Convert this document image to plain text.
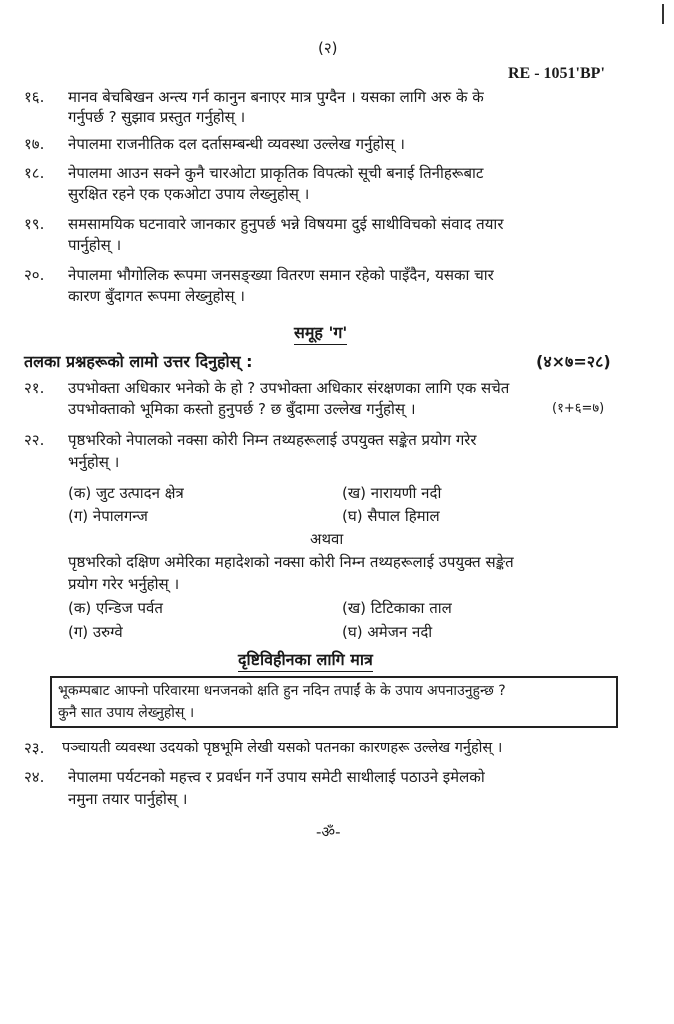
(२)
RE - 1051'BP'
१६. मानव बेचबिखन अन्त्य गर्न कानुन बनाएर मात्र पुग्दैन । यसका लागि अरु के के
गर्नुपर्छ ? सुझाव प्रस्तुत गर्नुहोस् ।
१७. नेपालमा राजनीतिक दल दर्तासम्बन्धी व्यवस्था उल्लेख गर्नुहोस् ।
१८. नेपालमा आउन सक्ने कुनै चारओटा प्राकृतिक विपत्को सूची बनाई तिनीहरूबाट
सुरक्षित रहने एक एकओटा उपाय लेख्नुहोस् ।
१९. समसामयिक घटनावारे जानकार हुनुपर्छ भन्ने विषयमा दुई साथीविचको संवाद तयार
पार्नुहोस् ।
२०. नेपालमा भौगोलिक रूपमा जनसङ्ख्या वितरण समान रहेको पाइँदैन, यसका चार
कारण बुँदागत रूपमा लेख्नुहोस् ।
समूह 'ग'
तलका प्रश्नहरूको लामो उत्तर दिनुहोस् :	(४×७=२८)
२१. उपभोक्ता अधिकार भनेको के हो ? उपभोक्ता अधिकार संरक्षणका लागि एक सचेत
उपभोक्ताको भूमिका कस्तो हुनुपर्छ ? छ बुँदामा उल्लेख गर्नुहोस् ।	(१+६=७)
२२. पृष्ठभरिको नेपालको नक्सा कोरी निम्न तथ्यहरूलाई उपयुक्त सङ्केत प्रयोग गरेर
भर्नुहोस् ।
(क) जुट उत्पादन क्षेत्र	(ख) नारायणी नदी
(ग) नेपालगन्ज	(घ) सैपाल हिमाल
अथवा
पृष्ठभरिको दक्षिण अमेरिका महादेशको नक्सा कोरी निम्न तथ्यहरूलाई उपयुक्त सङ्केत
प्रयोग गरेर भर्नुहोस् ।
(क) एन्डिज पर्वत	(ख) टिटिकाका ताल
(ग) उरुग्वे	(घ) अमेजन नदी
दृष्टिविहीनका लागि मात्र
भूकम्पबाट आफ्नो परिवारमा धनजनको क्षति हुन नदिन तपाईं के के उपाय अपनाउनुहुन्छ ?
कुनै सात उपाय लेख्नुहोस् ।
२३. पञ्चायती व्यवस्था उदयको पृष्ठभूमि लेखी यसको पतनका कारणहरू उल्लेख गर्नुहोस् ।
२४. नेपालमा पर्यटनको महत्त्व र प्रवर्धन गर्ने उपाय समेटी साथीलाई पठाउने इमेलको
नमुना तयार पार्नुहोस् ।
-ॐ-
